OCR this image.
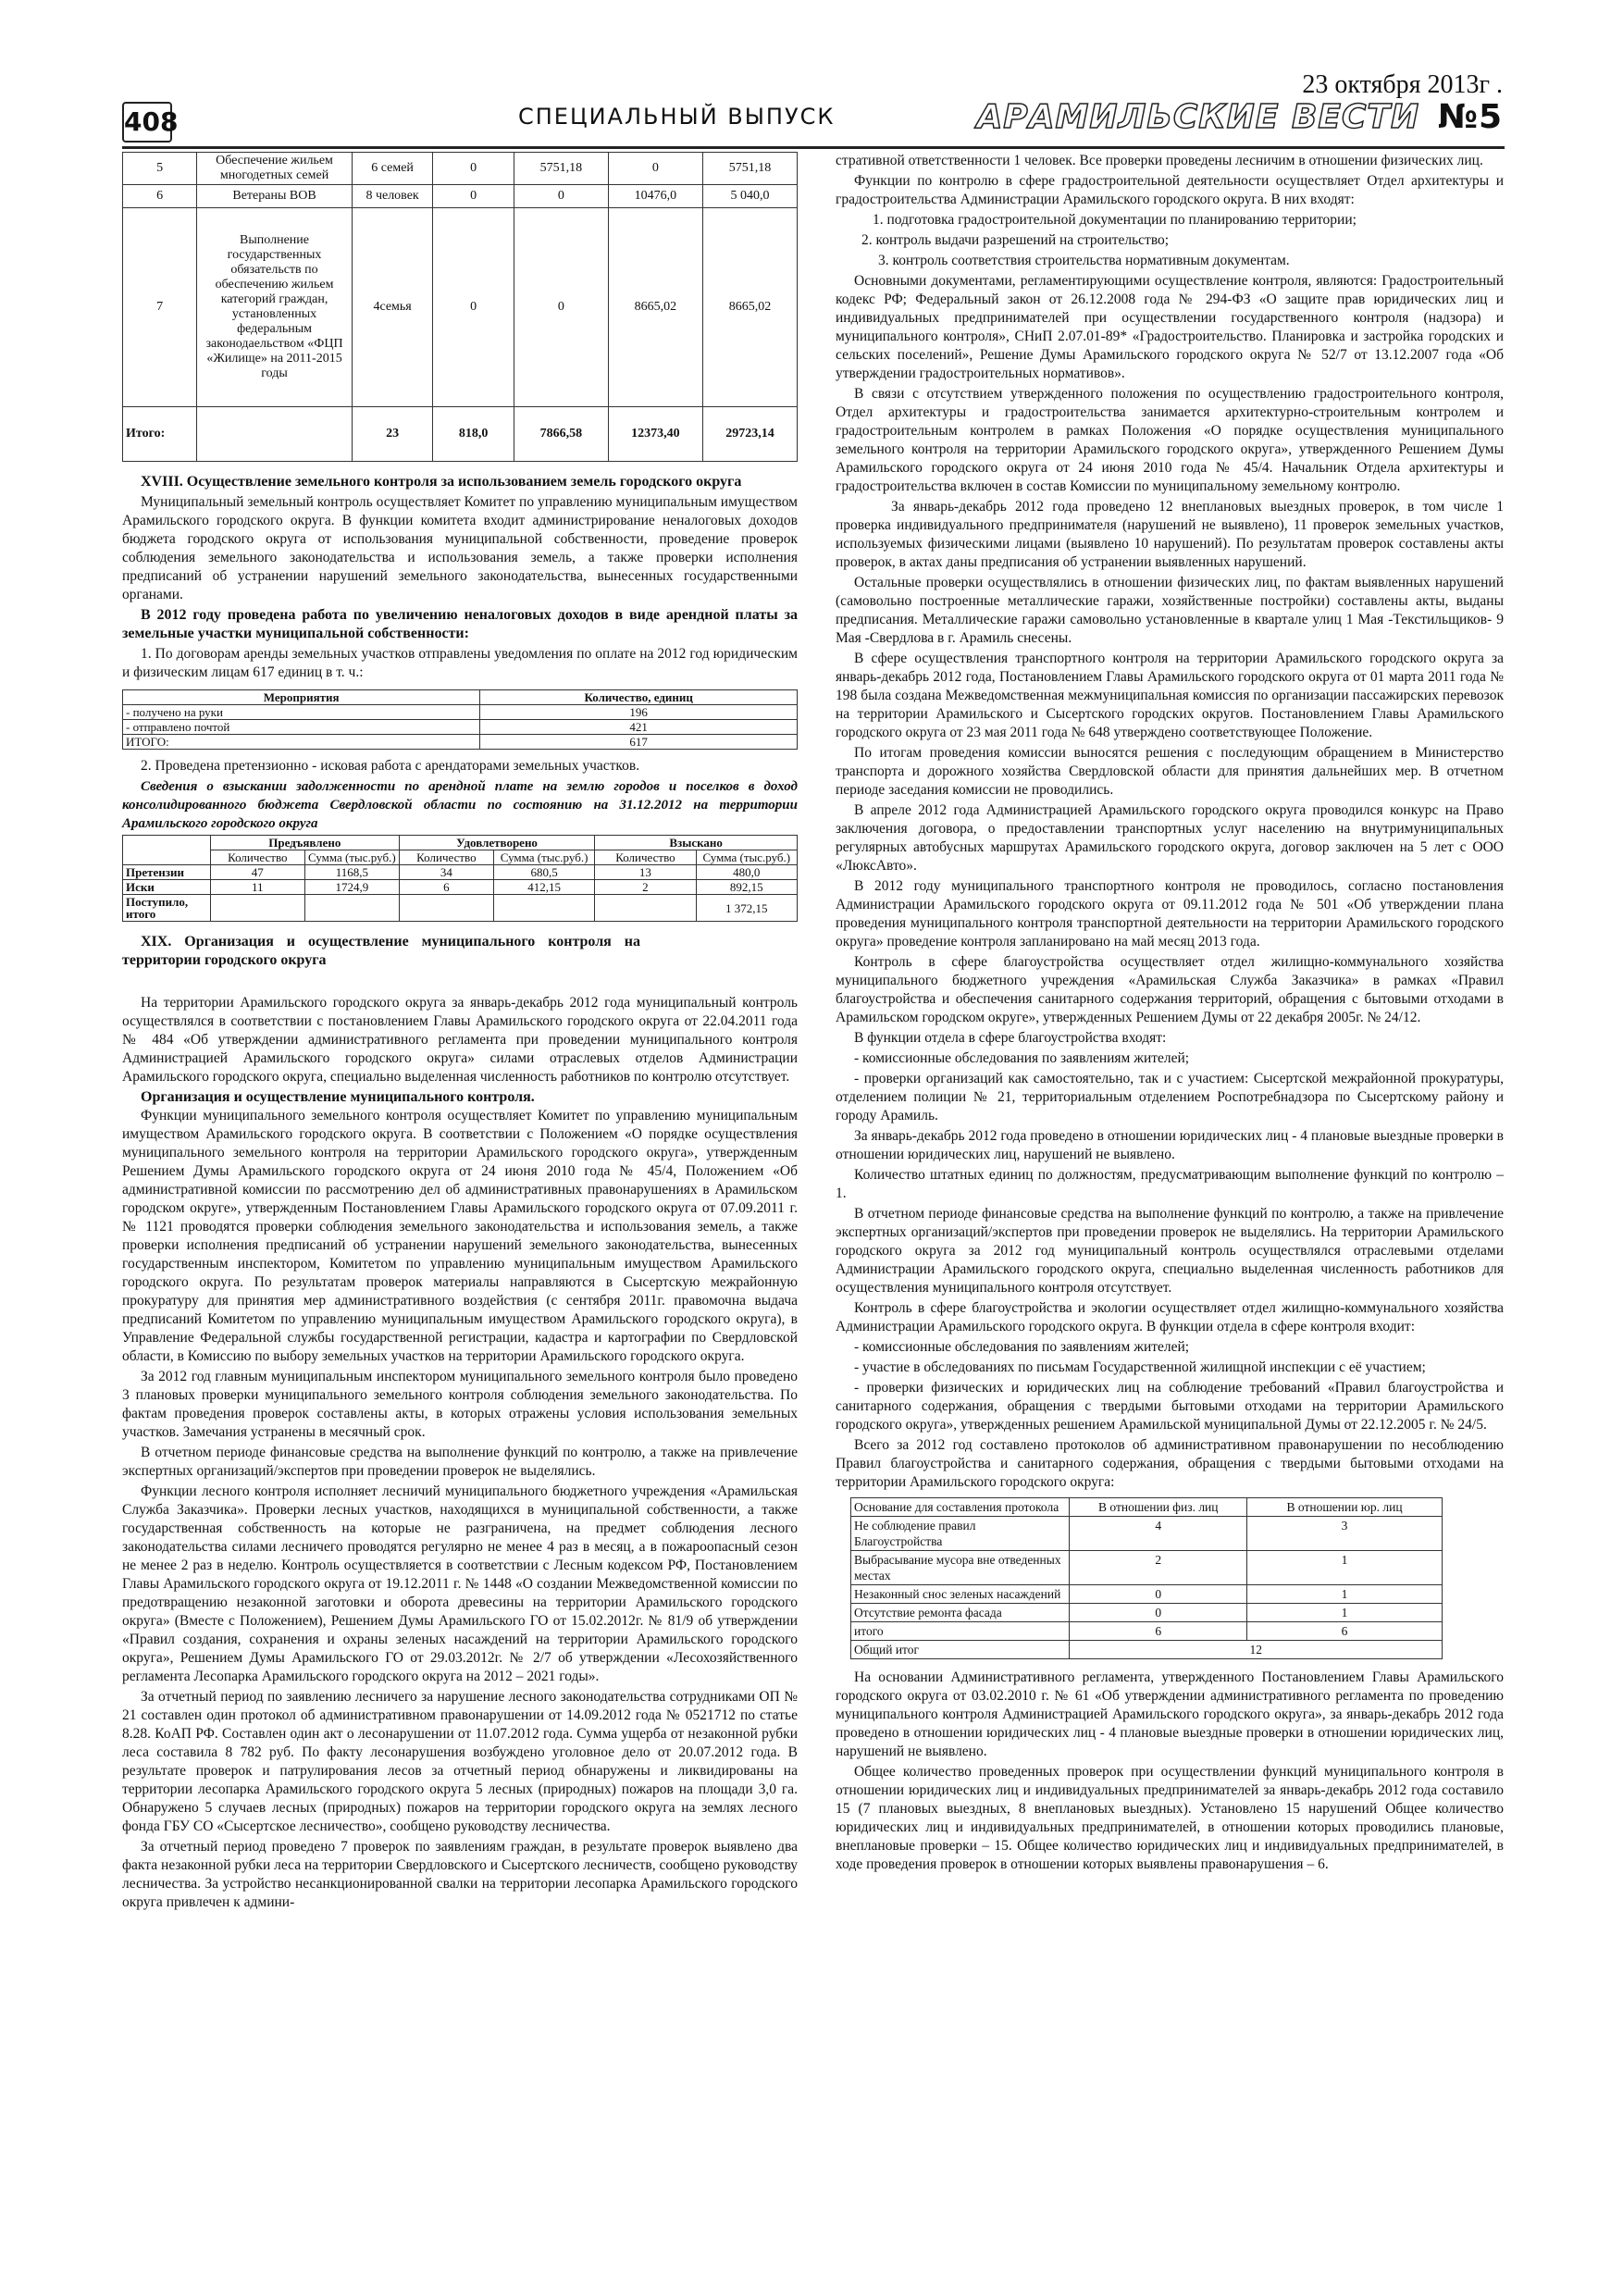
408	СПЕЦИАЛЬНЫЙ ВЫПУСК
23 октября 2013г .
АРАМИЛЬСКИЕ ВЕСТИ №5
5	Обеспечение жильем многодетных семей	6 семей	0	5751,18	0	5751,18
6	Ветераны ВОВ	8 человек	0	0	10476,0	5 040,0
7	Выполнение государственных обязательств по обеспечению жильем категорий граждан, установленных федеральным законодаельством «ФЦП «Жилище» на 2011-2015 годы	4семья	0	0	8665,02	8665,02
Итого:		23	818,0	7866,58	12373,40	29723,14

XVIII. Осуществление земельного контроля за использованием земель городского округа

Муниципальный земельный контроль осуществляет Комитет по управлению муниципальным имуществом Арамильского городского округа. В функции комитета входит администрирование неналоговых доходов бюджета городского округа от использования муниципальной собственности, проведение проверок соблюдения земельного законодательства и использования земель, а также проверки исполнения предписаний об устранении нарушений земельного законодательства, вынесенных государственными органами.

В 2012 году проведена работа по увеличению неналоговых доходов в виде арендной платы за земельные участки муниципальной собственности:

1. По договорам аренды земельных участков отправлены уведомления по оплате на 2012 год юридическим и физическим лицам 617 единиц в т. ч.:

Мероприятия	Количество, единиц
- получено на руки	196
- отправлено почтой	421
ИТОГО:	617

2. Проведена претензионно - исковая работа с арендаторами земельных участков.

Сведения о взыскании задолженности по арендной плате на землю городов и поселков в доход консолидированного бюджета Свердловской области по состоянию на 31.12.2012 на территории Арамильского городского округа

	Предъявлено		Удовлетворено		Взыскано	
	Количество	Сумма (тыс.руб.)	Количество	Сумма (тыс.руб.)	Количество	Сумма (тыс.руб.)
Претензии	47	1168,5	34	680,5	13	480,0
Иски	11	1724,9	6	412,15	2	892,15
Поступило, итого						1 372,15

XIX. Организация и осуществление муниципального контроля на территории городского округа

На территории Арамильского городского округа за январь-декабрь 2012 года муниципальный контроль осуществлялся в соответствии с постановлением Главы Арамильского городского округа от 22.04.2011 года № 484 «Об утверждении административного регламента при проведении муниципального контроля Администрацией Арамильского городского округа» силами отраслевых отделов Администрации Арамильского городского округа, специально выделенная численность работников по контролю отсутствует.

Организация и осуществление муниципального контроля.

Функции муниципального земельного контроля осуществляет Комитет по управлению муниципальным имуществом Арамильского городского округа. В соответствии с Положением «О порядке осуществления муниципального земельного контроля на территории Арамильского городского округа», утвержденным Решением Думы Арамильского городского округа от 24 июня 2010 года № 45/4, Положением «Об административной комиссии по рассмотрению дел об административных правонарушениях в Арамильском городском округе», утвержденным Постановлением Главы Арамильского городского округа от 07.09.2011 г. № 1121 проводятся проверки соблюдения земельного законодательства и использования земель, а также проверки исполнения предписаний об устранении нарушений земельного законодательства, вынесенных государственным инспектором, Комитетом по управлению муниципальным имуществом Арамильского городского округа. По результатам проверок материалы направляются в Сысертскую межрайонную прокуратуру для принятия мер административного воздействия (с сентября 2011г. правомочна выдача предписаний Комитетом по управлению муниципальным имуществом Арамильского городского округа), в Управление Федеральной службы государственной регистрации, кадастра и картографии по Свердловской области, в Комиссию по выбору земельных участков на территории Арамильского городского округа.

За 2012 год главным муниципальным инспектором муниципального земельного контроля было проведено 3 плановых проверки муниципального земельного контроля соблюдения земельного законодательства. По фактам проведения проверок составлены акты, в которых отражены условия использования земельных участков. Замечания устранены в месячный срок.

В отчетном периоде финансовые средства на выполнение функций по контролю, а также на привлечение экспертных организаций/экспертов при проведении проверок не выделялись.

Функции лесного контроля исполняет лесничий муниципального бюджетного учреждения «Арамильская Служба Заказчика». Проверки лесных участков, находящихся в муниципальной собственности, а также государственная собственность на которые не разграничена, на предмет соблюдения лесного законодательства силами лесничего проводятся регулярно не менее 4 раз в месяц, а в пожароопасный сезон не менее 2 раз в неделю. Контроль осуществляется в соответствии с Лесным кодексом РФ, Постановлением Главы Арамильского городского округа от 19.12.2011 г. № 1448 «О создании Межведомственной комиссии по предотвращению незаконной заготовки и оборота древесины на территории Арамильского городского округа» (Вместе с Положением), Решением Думы Арамильского ГО от 15.02.2012г. № 81/9 об утверждении «Правил создания, сохранения и охраны зеленых насаждений на территории Арамильского городского округа», Решением Думы Арамильского ГО от 29.03.2012г. № 2/7 об утверждении «Лесохозяйственного регламента Лесопарка Арамильского городского округа на 2012 – 2021 годы».

За отчетный период по заявлению лесничего за нарушение лесного законодательства сотрудниками ОП № 21 составлен один протокол об административном правонарушении от 14.09.2012 года № 0521712 по статье 8.28. КоАП РФ. Составлен один акт о лесонарушении от 11.07.2012 года. Сумма ущерба от незаконной рубки леса составила 8 782 руб. По факту лесонарушения возбуждено уголовное дело от 20.07.2012 года. В результате проверок и патрулирования лесов за отчетный период обнаружены и ликвидированы на территории лесопарка Арамильского городского округа 5 лесных (природных) пожаров на площади 3,0 га. Обнаружено 5 случаев лесных (природных) пожаров на территории городского округа на землях лесного фонда ГБУ СО «Сысертское лесничество», сообщено руководству лесничества.

За отчетный период проведено 7 проверок по заявлениям граждан, в результате проверок выявлено два факта незаконной рубки леса на территории Свердловского и Сысертского лесничеств, сообщено руководству лесничества. За устройство несанкционированной свалки на территории лесопарка Арамильского городского округа привлечен к админи-

стративной ответственности 1 человек. Все проверки проведены лесничим в отношении физических лиц.

Функции по контролю в сфере градостроительной деятельности осуществляет Отдел архитектуры и градостроительства Администрации Арамильского городского округа. В них входят:

1. подготовка градостроительной документации по планированию территории;

2. контроль выдачи разрешений на строительство;

3. контроль соответствия строительства нормативным документам.

Основными документами, регламентирующими осуществление контроля, являются: Градостроительный кодекс РФ; Федеральный закон от 26.12.2008 года № 294-ФЗ «О защите прав юридических лиц и индивидуальных предпринимателей при осуществлении государственного контроля (надзора) и муниципального контроля», СНиП 2.07.01-89* «Градостроительство. Планировка и застройка городских и сельских поселений», Решение Думы Арамильского городского округа № 52/7 от 13.12.2007 года «Об утверждении градостроительных нормативов».

В связи с отсутствием утвержденного положения по осуществлению градостроительного контроля, Отдел архитектуры и градостроительства занимается архитектурно-строительным контролем и градостроительным контролем в рамках Положения «О порядке осуществления муниципального земельного контроля на территории Арамильского городского округа», утвержденного Решением Думы Арамильского городского округа от 24 июня 2010 года № 45/4. Начальник Отдела архитектуры и градостроительства включен в состав Комиссии по муниципальному земельному контролю.

За январь-декабрь 2012 года проведено 12 внеплановых выездных проверок, в том числе 1 проверка индивидуального предпринимателя (нарушений не выявлено), 11 проверок земельных участков, используемых физическими лицами (выявлено 10 нарушений). По результатам проверок составлены акты проверок, в актах даны предписания об устранении выявленных нарушений.

Остальные проверки осуществлялись в отношении физических лиц, по фактам выявленных нарушений (самовольно построенные металлические гаражи, хозяйственные постройки) составлены акты, выданы предписания. Металлические гаражи самовольно установленные в квартале улиц 1 Мая -Текстильщиков- 9 Мая -Свердлова в г. Арамиль снесены.

В сфере осуществления транспортного контроля на территории Арамильского городского округа за январь-декабрь 2012 года, Постановлением Главы Арамильского городского округа от 01 марта 2011 года № 198 была создана Межведомственная межмуниципальная комиссия по организации пассажирских перевозок на территории Арамильского и Сысертского городских округов. Постановлением Главы Арамильского городского округа от 23 мая 2011 года № 648 утверждено соответствующее Положение.

По итогам проведения комиссии выносятся решения с последующим обращением в Министерство транспорта и дорожного хозяйства Свердловской области для принятия дальнейших мер. В отчетном периоде заседания комиссии не проводились.

В апреле 2012 года Администрацией Арамильского городского округа проводился конкурс на Право заключения договора, о предоставлении транспортных услуг населению на внутримуниципальных регулярных автобусных маршрутах Арамильского городского округа, договор заключен на 5 лет с ООО «ЛюксАвто».

В 2012 году муниципального транспортного контроля не проводилось, согласно постановления Администрации Арамильского городского округа от 09.11.2012 года № 501 «Об утверждении плана проведения муниципального контроля транспортной деятельности на территории Арамильского городского округа» проведение контроля запланировано на май месяц 2013 года.

Контроль в сфере благоустройства осуществляет отдел жилищно-коммунального хозяйства муниципального бюджетного учреждения «Арамильская Служба Заказчика» в рамках «Правил благоустройства и обеспечения санитарного содержания территорий, обращения с бытовыми отходами в Арамильском городском округе», утвержденных Решением Думы от 22 декабря 2005г. № 24/12.

В функции отдела в сфере благоустройства входят:

- комиссионные обследования по заявлениям жителей;

- проверки организаций как самостоятельно, так и с участием: Сысертской межрайонной прокуратуры, отделением полиции № 21, территориальным отделением Роспотребнадзора по Сысертскому району и городу Арамиль.

За январь-декабрь 2012 года проведено в отношении юридических лиц - 4 плановые выездные проверки в отношении юридических лиц, нарушений не выявлено.

Количество штатных единиц по должностям, предусматривающим выполнение функций по контролю – 1.

В отчетном периоде финансовые средства на выполнение функций по контролю, а также на привлечение экспертных организаций/экспертов при проведении проверок не выделялись. На территории Арамильского городского округа за 2012 год муниципальный контроль осуществлялся отраслевыми отделами Администрации Арамильского городского округа, специально выделенная численность работников для осуществления муниципального контроля отсутствует.

Контроль в сфере благоустройства и экологии осуществляет отдел жилищно-коммунального хозяйства Администрации Арамильского городского округа. В функции отдела в сфере контроля входит:

- комиссионные обследования по заявлениям жителей;

- участие в обследованиях по письмам Государственной жилищной инспекции с её участием;

- проверки физических и юридических лиц на соблюдение требований «Правил благоустройства и санитарного содержания, обращения с твердыми бытовыми отходами на территории Арамильского городского округа», утвержденных решением Арамильской муниципальной Думы от 22.12.2005 г. № 24/5.

Всего за 2012 год составлено протоколов об административном правонарушении по несоблюдению Правил благоустройства и санитарного содержания, обращения с твердыми бытовыми отходами на территории Арамильского городского округа:

Основание для составления протокола	В отношении физ. лиц	В отношении юр. лиц
Не соблюдение правил Благоустройства	4	3
Выбрасывание мусора вне отведенных местах	2	1
Незаконный снос зеленых насаждений	0	1
Отсутствие ремонта фасада	0	1
итого	6	6
Общий итог	12	

На основании Административного регламента, утвержденного Постановлением Главы Арамильского городского округа от 03.02.2010 г. № 61 «Об утверждении административного регламента по проведению муниципального контроля Администрацией Арамильского городского округа», за январь-декабрь 2012 года проведено в отношении юридических лиц - 4 плановые выездные проверки в отношении юридических лиц, нарушений не выявлено.

Общее количество проведенных проверок при осуществлении функций муниципального контроля в отношении юридических лиц и индивидуальных предпринимателей за январь-декабрь 2012 года составило 15 (7 плановых выездных, 8 внеплановых выездных). Установлено 15 нарушений Общее количество юридических лиц и индивидуальных предпринимателей, в отношении которых проводились плановые, внеплановые проверки – 15. Общее количество юридических лиц и индивидуальных предпринимателей, в ходе проведения проверок в отношении которых выявлены правонарушения – 6.
